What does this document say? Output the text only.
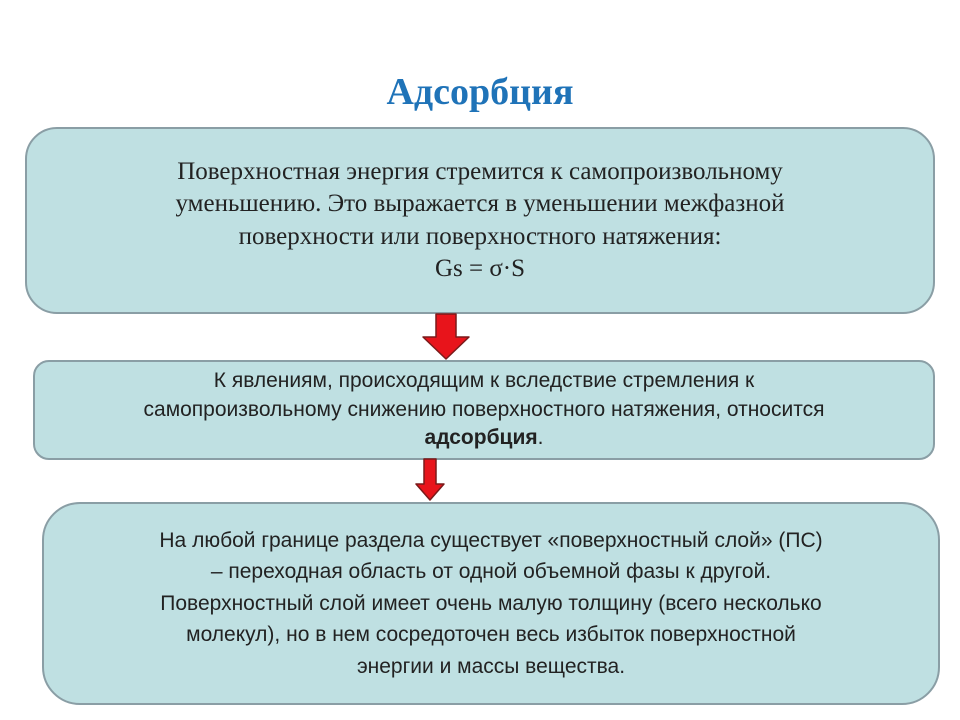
Адсорбция
Поверхностная энергия стремится к самопроизвольному
уменьшению. Это выражается в уменьшении межфазной
поверхности или поверхностного натяжения:
Gs = σ·S
К явлениям, происходящим к вследствие стремления к
самопроизвольному снижению поверхностного натяжения, относится
адсорбция.
На любой границе раздела существует «поверхностный слой» (ПС)
– переходная область от одной объемной фазы к другой.
Поверхностный слой имеет очень малую толщину (всего несколько
молекул), но в нем сосредоточен весь избыток поверхностной
энергии и массы вещества.
